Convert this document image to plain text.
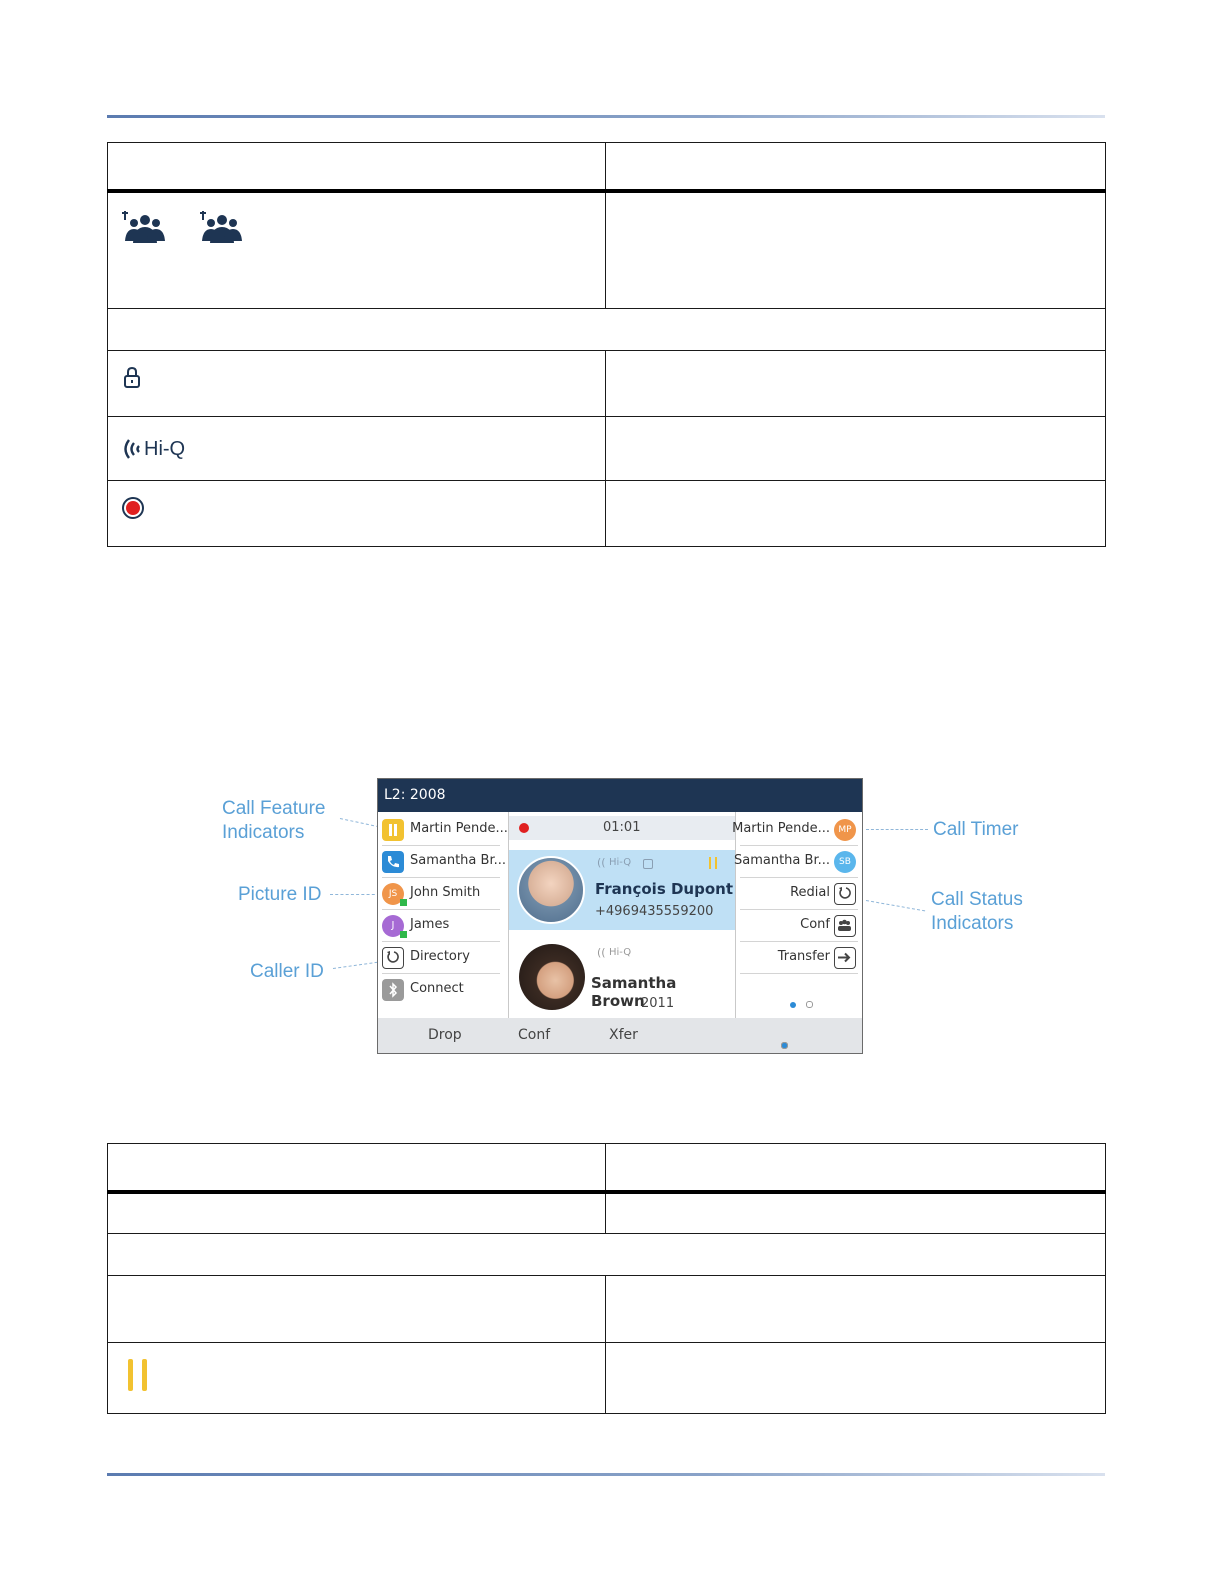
Hi-Q	

Call Feature
Indicators
Picture ID
Caller ID
Call Timer
Call Status
Indicators
L2: 2008
Martin Pende...
Samantha Br...
JS John Smith
J	James
Directory
Connect
01:01
(( Hi-Q
François Dupont
+4969435559200
(( Hi-Q
Samantha Brown
2011
Martin Pende... MP
Samantha Br...	SB
Redial
Conf
Transfer

Drop	Conf	Xfer
